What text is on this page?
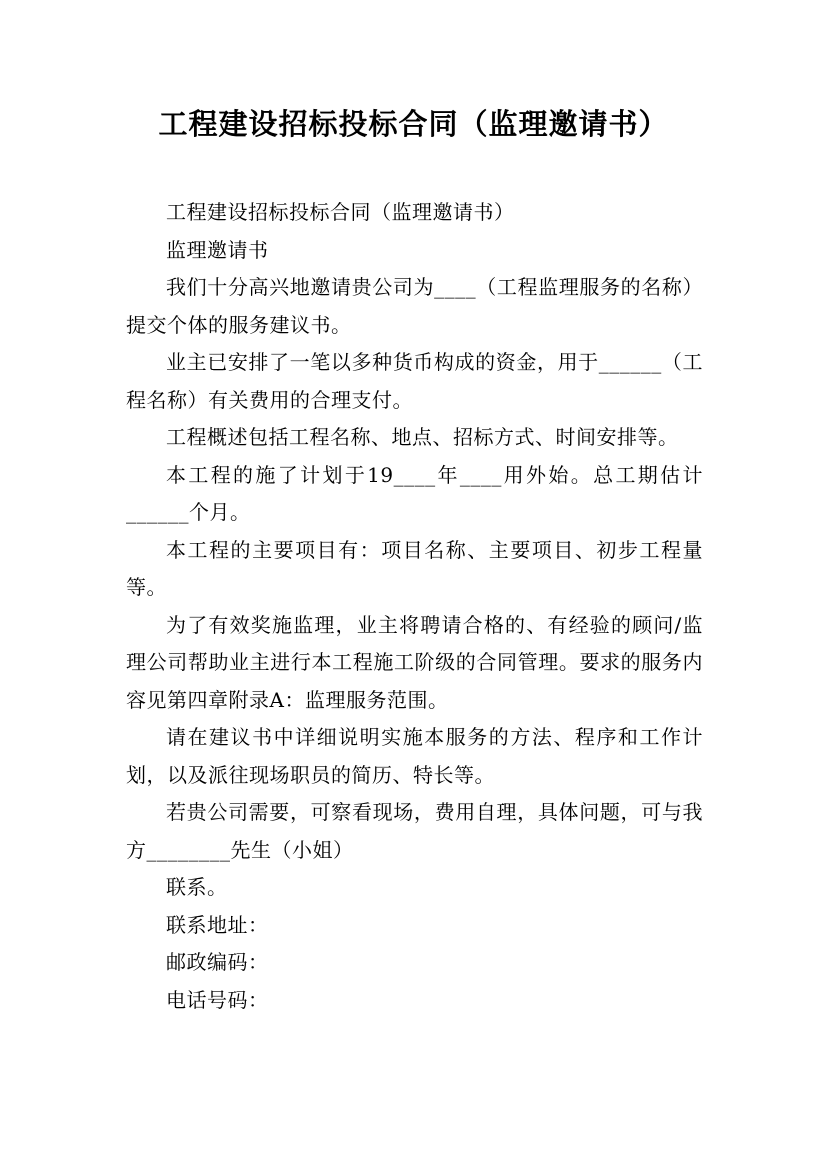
工程建设招标投标合同（监理邀请书）

工程建设招标投标合同（监理邀请书）

监理邀请书

我们十分高兴地邀请贵公司为____（工程监理服务的名称）提交个体的服务建议书。

业主已安排了一笔以多种货币构成的资金，用于______（工程名称）有关费用的合理支付。

工程概述包括工程名称、地点、招标方式、时间安排等。

本工程的施了计划于19____年____用外始。总工期估计______个月。

本工程的主要项目有：项目名称、主要项目、初步工程量等。

为了有效奖施监理，业主将聘请合格的、有经验的顾问/监理公司帮助业主进行本工程施工阶级的合同管理。要求的服务内容见第四章附录A：监理服务范围。

请在建议书中详细说明实施本服务的方法、程序和工作计划，以及派往现场职员的简历、特长等。

若贵公司需要，可察看现场，费用自理，具体问题，可与我方________先生（小姐）

联系。

联系地址：

邮政编码：

电话号码：
